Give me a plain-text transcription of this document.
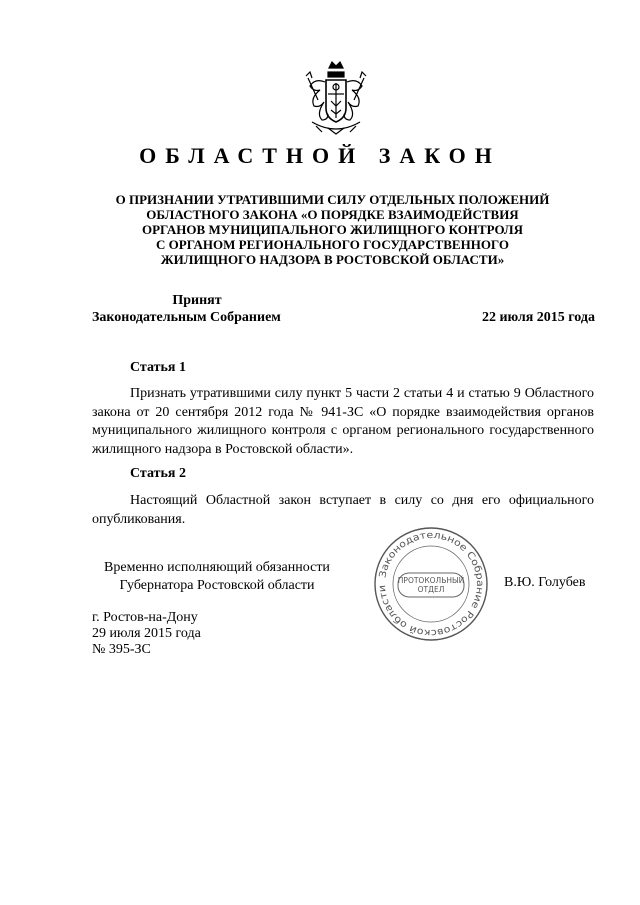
ОБЛАСТНОЙ ЗАКОН
О ПРИЗНАНИИ УТРАТИВШИМИ СИЛУ ОТДЕЛЬНЫХ ПОЛОЖЕНИЙ
ОБЛАСТНОГО ЗАКОНА «О ПОРЯДКЕ ВЗАИМОДЕЙСТВИЯ
ОРГАНОВ МУНИЦИПАЛЬНОГО ЖИЛИЩНОГО КОНТРОЛЯ
С ОРГАНОМ РЕГИОНАЛЬНОГО ГОСУДАРСТВЕННОГО
ЖИЛИЩНОГО НАДЗОРА В РОСТОВСКОЙ ОБЛАСТИ»
Принят
Законодательным Собранием	22 июля 2015 года
Статья 1
Признать утратившими силу пункт 5 части 2 статьи 4 и статью 9 Областного закона от 20 сентября 2012 года № 941-ЗС «О порядке взаимодействия органов муниципального жилищного контроля с органом регионального государственного жилищного надзора в Ростовской области».
Статья 2
Настоящий Областной закон вступает в силу со дня его официального опубликования.
Временно исполняющий обязанности
Губернатора Ростовской области
Законодательное Собрание Ростовской области
ПРОТОКОЛЬНЫЙ
ОТДЕЛ	В.Ю. Голубев
г. Ростов-на-Дону
29 июля 2015 года
№ 395-ЗС
